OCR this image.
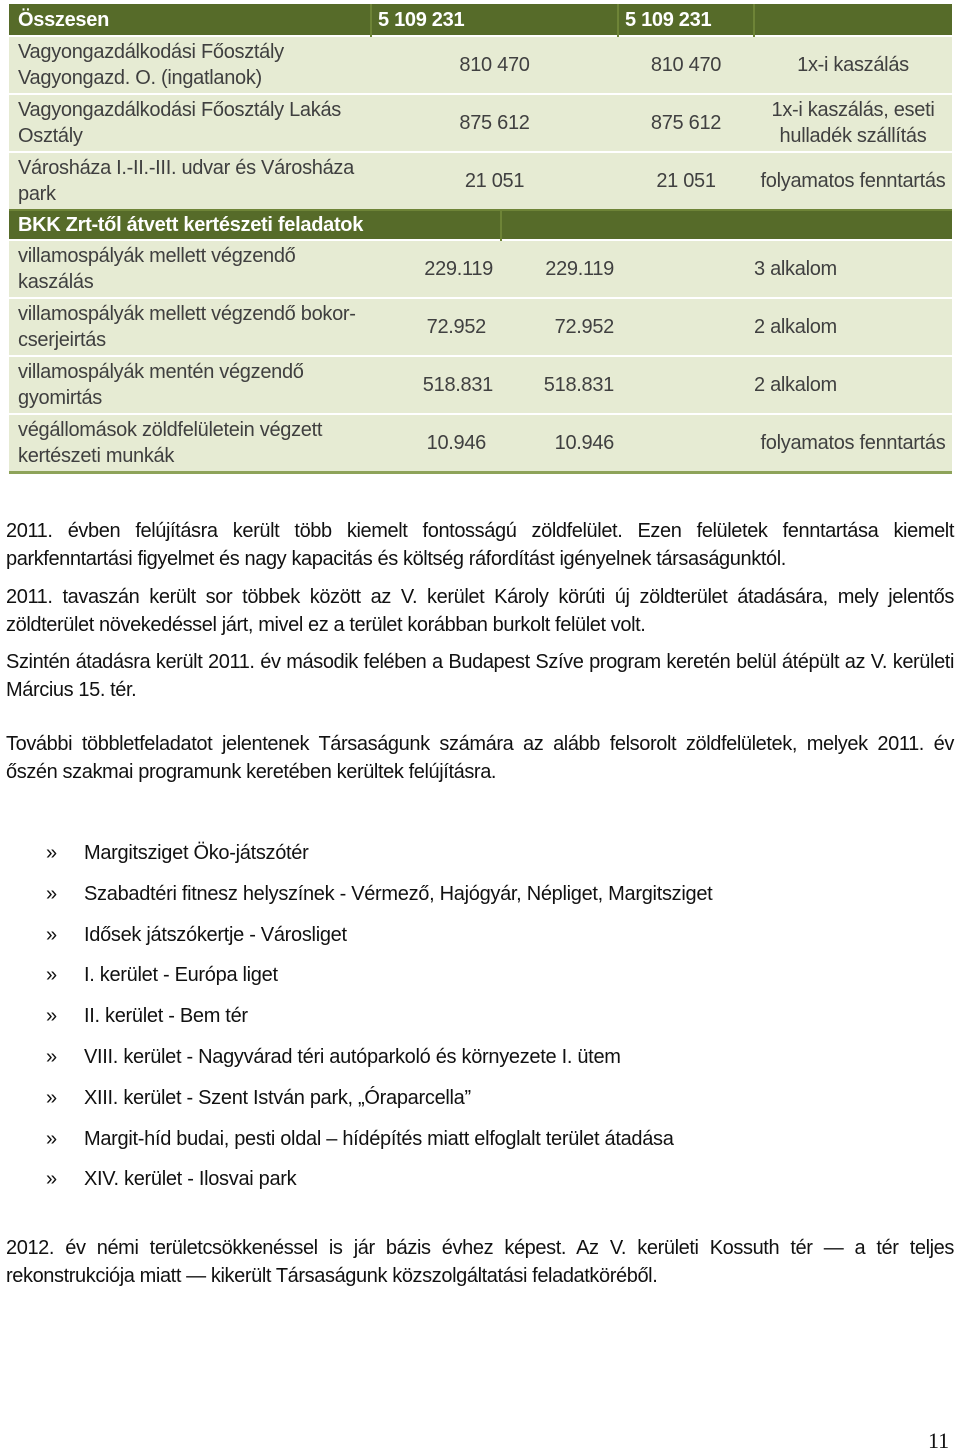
Összesen	5 109 231		5 109 231	
Vagyongazdálkodási Főosztály Vagyongazd. O. (ingatlanok)	810 470		810 470	1x-i kaszálás
Vagyongazdálkodási Főosztály Lakás Osztály	875 612		875 612	1x-i kaszálás, eseti hulladék szállítás
Városháza I.-II.-III. udvar és Városháza park	21 051		21 051	folyamatos fenntartás
BKK Zrt-től átvett kertészeti feladatok				
villamospályák mellett végzendő kaszálás	229.119	229.119		3 alkalom
villamospályák mellett végzendő bokor-cserjeirtás	72.952	72.952		2 alkalom
villamospályák mentén végzendő gyomirtás	518.831	518.831		2 alkalom
végállomások zöldfelületein végzett kertészeti munkák	10.946	10.946		folyamatos fenntartás
2011. évben felújításra került több kiemelt fontosságú zöldfelület. Ezen felületek fenntartása kiemelt parkfenntartási figyelmet és nagy kapacitás és költség ráfordítást igényelnek társaságunktól.
2011. tavaszán került sor többek között az V. kerület Károly körúti új zöldterület átadására, mely jelentős zöldterület növekedéssel járt, mivel ez a terület korábban burkolt felület volt.
Szintén átadásra került 2011. év második felében a Budapest Szíve program keretén belül átépült az V. kerületi Március 15. tér.
További többletfeladatot jelentenek Társaságunk számára az alább felsorolt zöldfelületek, melyek 2011. év őszén szakmai programunk keretében kerültek felújításra.
» Margitsziget Öko-játszótér
» Szabadtéri fitnesz helyszínek - Vérmező, Hajógyár, Népliget, Margitsziget
» Idősek játszókertje - Városliget
» I. kerület - Európa liget
» II. kerület - Bem tér
» VIII. kerület - Nagyvárad téri autóparkoló és környezete I. ütem
» XIII. kerület - Szent István park, „Óraparcella”
» Margit-híd budai, pesti oldal – hídépítés miatt elfoglalt terület átadása
» XIV. kerület - Ilosvai park
2012. év némi területcsökkenéssel is jár bázis évhez képest. Az V. kerületi Kossuth tér — a tér teljes rekonstrukciója miatt — kikerült Társaságunk közszolgáltatási feladatköréből.
11
